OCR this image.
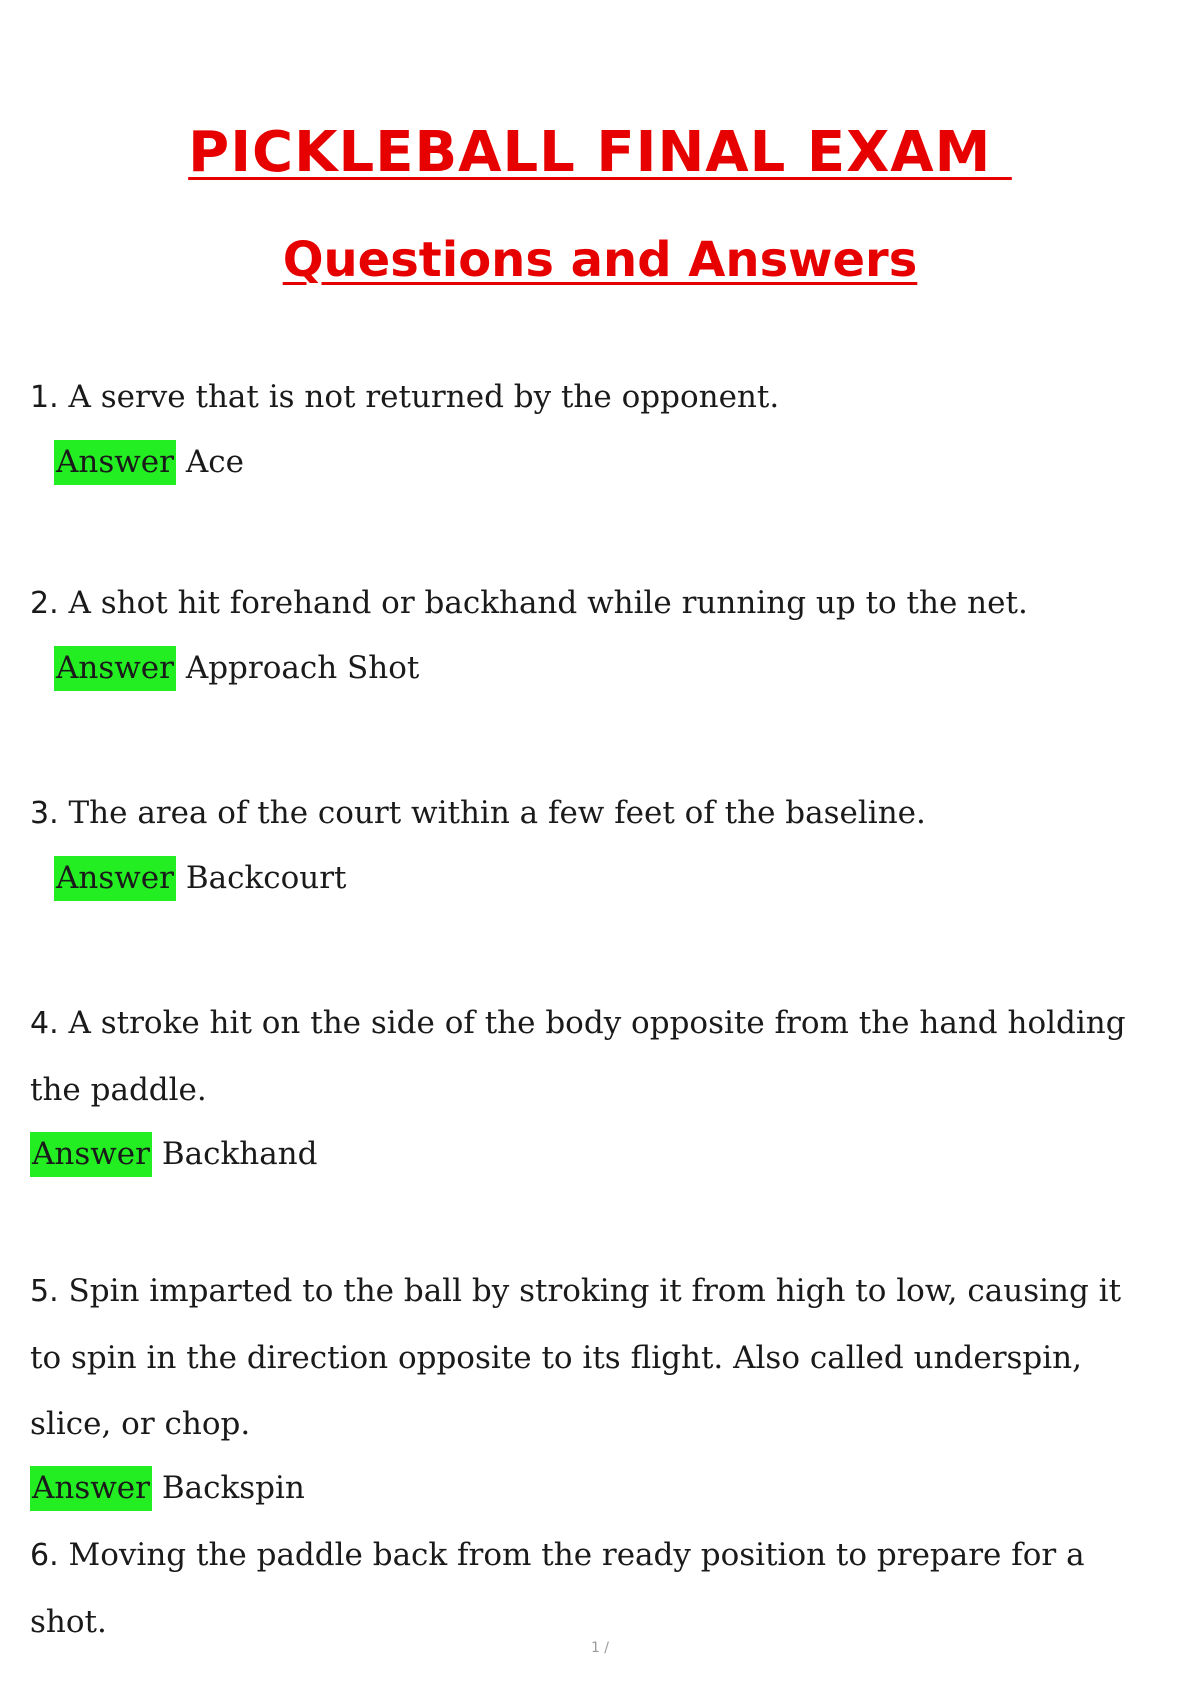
PICKLEBALL FINAL EXAM
Questions and Answers

1. A serve that is not returned by the opponent.

Answer Ace

2. A shot hit forehand or backhand while running up to the net.

Answer Approach Shot

3. The area of the court within a few feet of the baseline.

Answer Backcourt

4. A stroke hit on the side of the body opposite from the hand holding the paddle.

Answer Backhand

5. Spin imparted to the ball by stroking it from high to low, causing it to spin in the direction opposite to its flight. Also called underspin, slice, or chop.

Answer Backspin

6. Moving the paddle back from the ready position to prepare for a shot.

1 /
